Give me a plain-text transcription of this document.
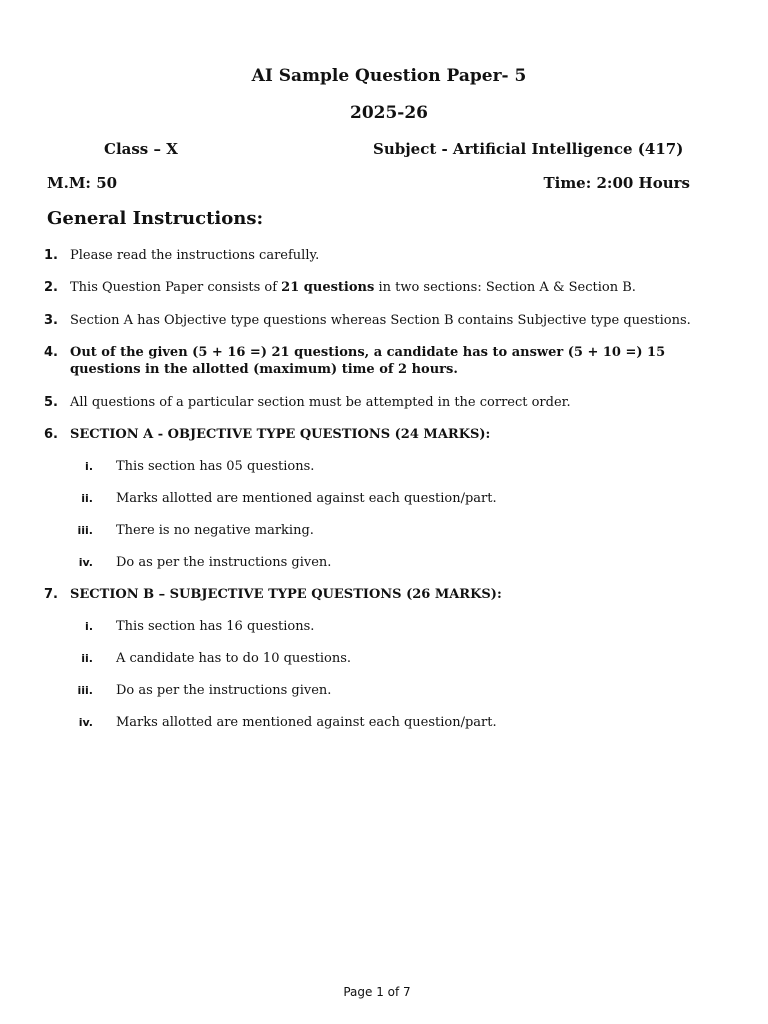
AI Sample Question Paper- 5
2025-26
Class – X	Subject - Artificial Intelligence (417)
M.M: 50	Time: 2:00 Hours
General Instructions:
1. Please read the instructions carefully.
2. This Question Paper consists of 21 questions in two sections: Section A & Section B.
3. Section A has Objective type questions whereas Section B contains Subjective type questions.
4. Out of the given (5 + 16 =) 21 questions, a candidate has to answer (5 + 10 =) 15 questions in the allotted (maximum) time of 2 hours.
5. All questions of a particular section must be attempted in the correct order.
6. SECTION A - OBJECTIVE TYPE QUESTIONS (24 MARKS):
i. This section has 05 questions.
ii. Marks allotted are mentioned against each question/part.
iii. There is no negative marking.
iv. Do as per the instructions given.
7. SECTION B – SUBJECTIVE TYPE QUESTIONS (26 MARKS):
i. This section has 16 questions.
ii. A candidate has to do 10 questions.
iii. Do as per the instructions given.
iv. Marks allotted are mentioned against each question/part.
Page 1 of 7
